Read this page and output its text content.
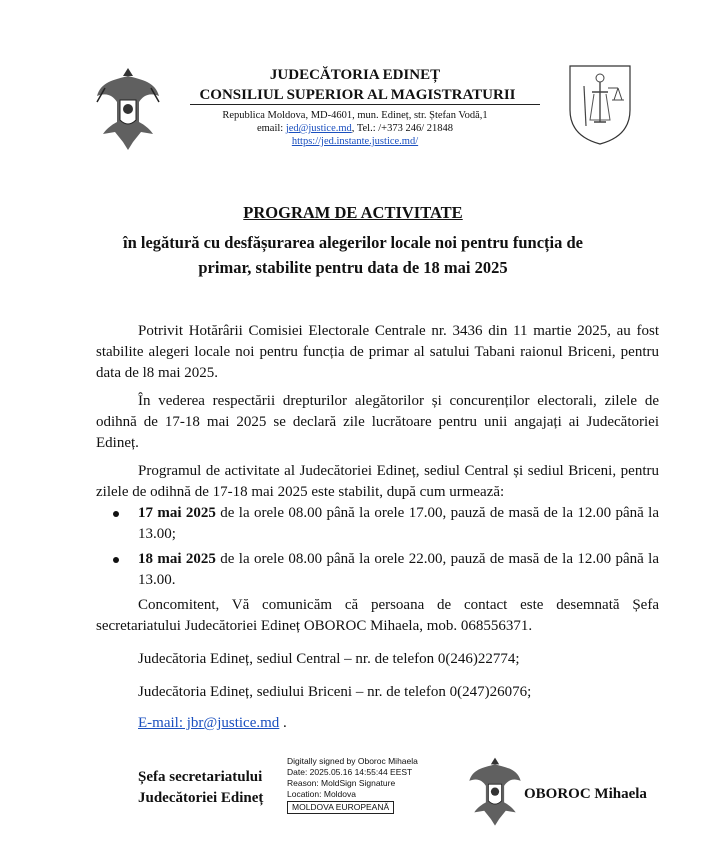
JUDECĂTORIA EDINEȚ
CONSILIUL SUPERIOR AL MAGISTRATURII
Republica Moldova, MD-4601, mun. Edineț, str. Ștefan Vodă,1
email: jed@justice.md, Tel.: /+373 246/ 21848
https://jed.instante.justice.md/
PROGRAM DE ACTIVITATE
în legătură cu desfășurarea alegerilor locale noi pentru funcția de
primar, stabilite pentru data de 18 mai 2025
Potrivit Hotărârii Comisiei Electorale Centrale nr. 3436 din 11 martie 2025, au fost stabilite alegeri locale noi pentru funcția de primar al satului Tabani raionul Briceni, pentru data de l8 mai 2025.
În vederea respectării drepturilor alegătorilor și concurenților electorali, zilele de odihnă de 17-18 mai 2025 se declară zile lucrătoare pentru unii angajați ai Judecătoriei Edineț.
Programul de activitate al Judecătoriei Edineț, sediul Central și sediul Briceni, pentru zilele de odihnă de 17-18 mai 2025 este stabilit, după cum urmează:
17 mai 2025 de la orele 08.00 până la orele 17.00, pauză de masă de la 12.00 până la 13.00;
18 mai 2025 de la orele 08.00 până la orele 22.00, pauză de masă de la 12.00 până la 13.00.
Concomitent, Vă comunicăm că persoana de contact este desemnată Șefa secretariatului Judecătoriei Edineț OBOROC Mihaela, mob. 068556371.
Judecătoria Edineț, sediul Central – nr. de telefon 0(246)22774;
Judecătoria Edineț, sediului Briceni – nr. de telefon 0(247)26076;
E-mail: jbr@justice.md .
Șefa secretariatului
Judecătoriei Edineț
Digitally signed by Oboroc Mihaela
Date: 2025.05.16 14:55:44 EEST
Reason: MoldSign Signature
Location: Moldova
MOLDOVA EUROPEANĂ
OBOROC Mihaela
